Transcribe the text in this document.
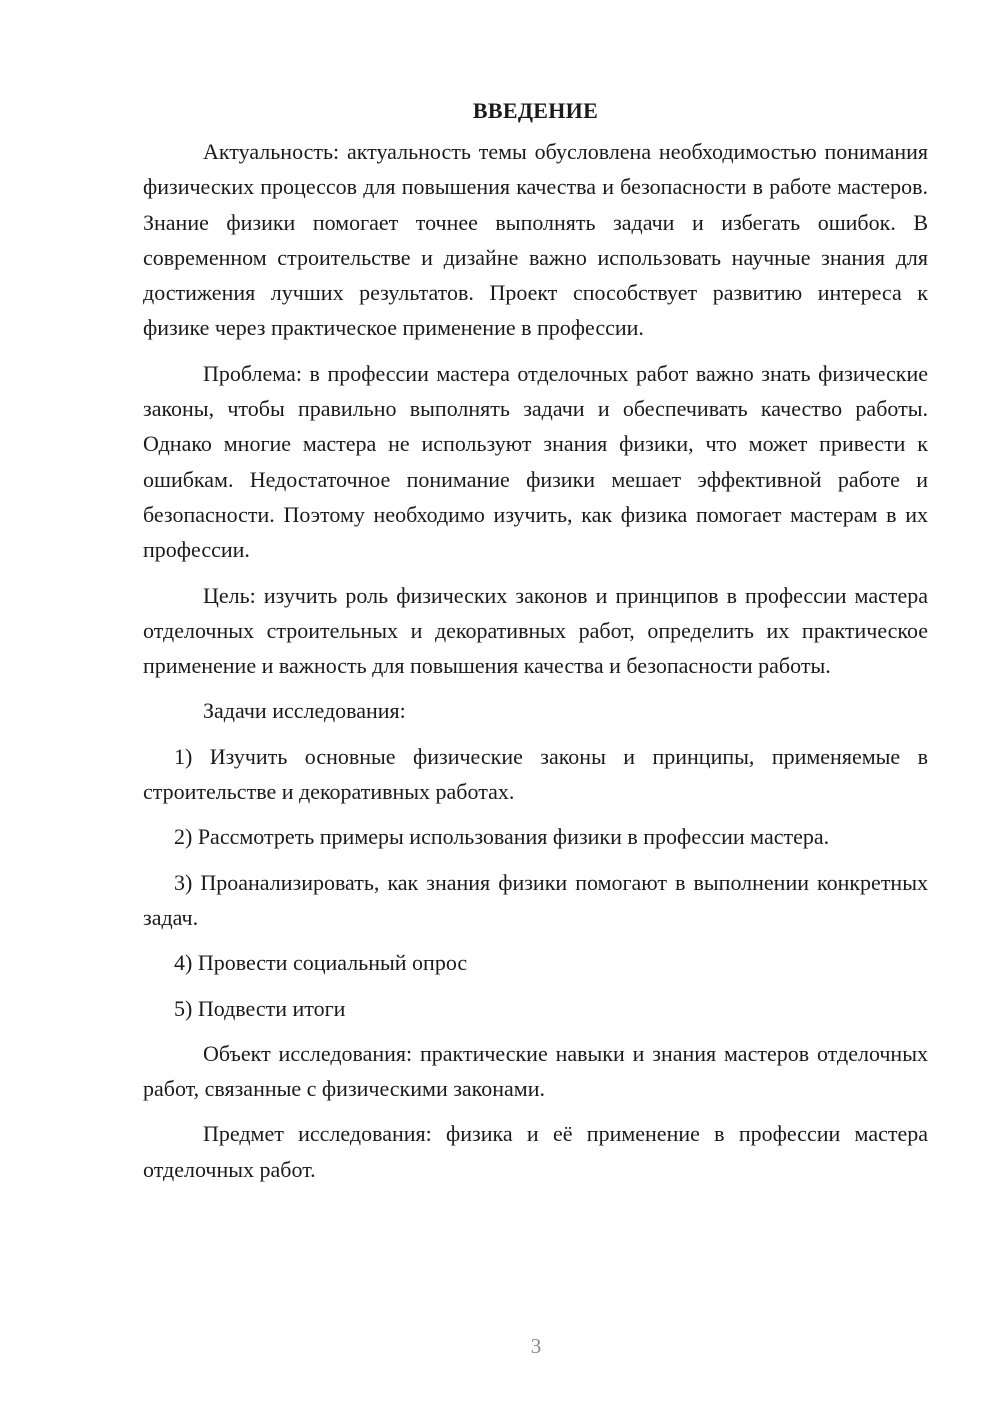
ВВЕДЕНИЕ

Актуальность: актуальность темы обусловлена необходимостью понимания физических процессов для повышения качества и безопасности в работе мастеров. Знание физики помогает точнее выполнять задачи и избегать ошибок. В современном строительстве и дизайне важно использовать научные знания для достижения лучших результатов. Проект способствует развитию интереса к физике через практическое применение в профессии.

Проблема: в профессии мастера отделочных работ важно знать физические законы, чтобы правильно выполнять задачи и обеспечивать качество работы. Однако многие мастера не используют знания физики, что может привести к ошибкам. Недостаточное понимание физики мешает эффективной работе и безопасности. Поэтому необходимо изучить, как физика помогает мастерам в их профессии.

Цель: изучить роль физических законов и принципов в профессии мастера отделочных строительных и декоративных работ, определить их практическое применение и важность для повышения качества и безопасности работы.

Задачи исследования:

1) Изучить основные физические законы и принципы, применяемые в строительстве и декоративных работах.

2) Рассмотреть примеры использования физики в профессии мастера.

3) Проанализировать, как знания физики помогают в выполнении конкретных задач.

4) Провести социальный опрос

5) Подвести итоги

Объект исследования: практические навыки и знания мастеров отделочных работ, связанные с физическими законами.

Предмет исследования: физика и её применение в профессии мастера отделочных работ.

3
